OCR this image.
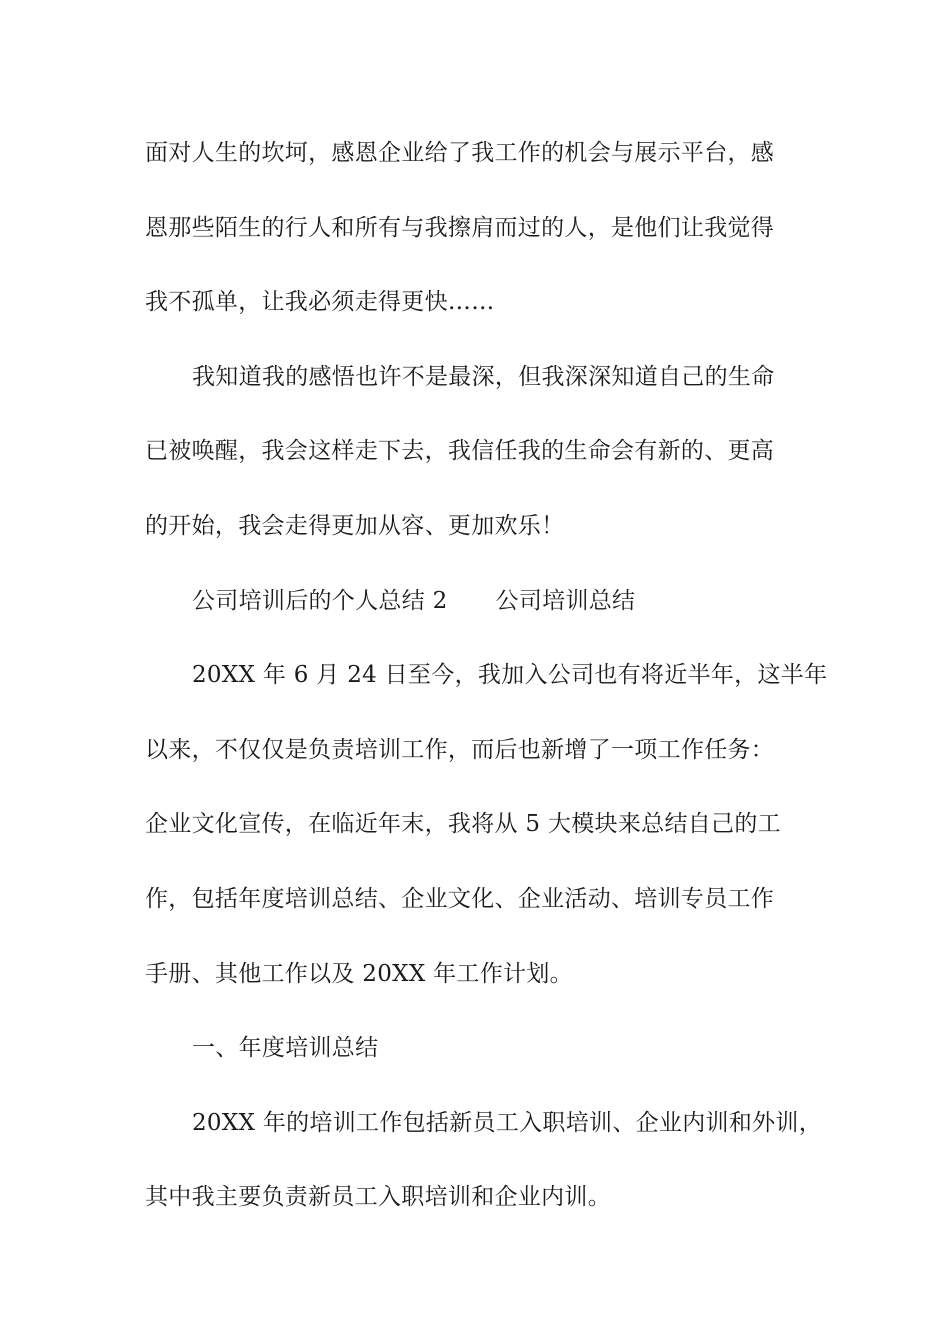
面对人生的坎坷，感恩企业给了我工作的机会与展示平台，感
恩那些陌生的行人和所有与我擦肩而过的人，是他们让我觉得
我不孤单，让我必须走得更快……
我知道我的感悟也许不是最深，但我深深知道自己的生命
已被唤醒，我会这样走下去，我信任我的生命会有新的、更高
的开始，我会走得更加从容、更加欢乐！
公司培训后的个人总结 2 公司培训总结
20XX 年 6 月 24 日至今，我加入公司也有将近半年，这半年
以来，不仅仅是负责培训工作，而后也新增了一项工作任务：
企业文化宣传，在临近年末，我将从 5 大模块来总结自己的工
作，包括年度培训总结、企业文化、企业活动、培训专员工作
手册、其他工作以及 20XX 年工作计划。
一、年度培训总结
20XX 年的培训工作包括新员工入职培训、企业内训和外训，
其中我主要负责新员工入职培训和企业内训。
